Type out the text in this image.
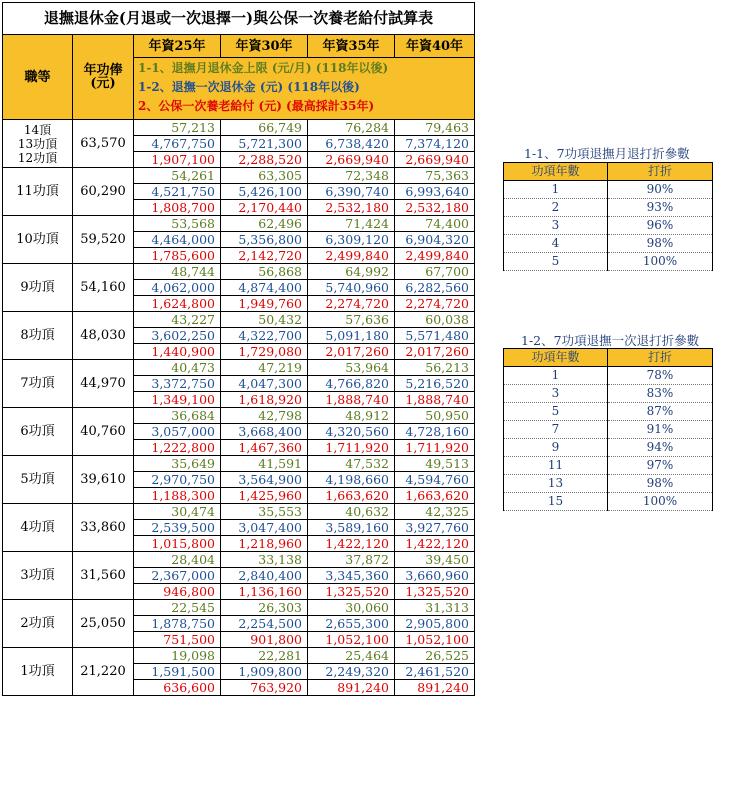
退撫退休金(月退或一次退擇一)與公保一次養老給付試算表					
職等	年功俸(元)	年資25年	年資30年	年資35年	年資40年

		1-1、退撫月退休金上限 (元/月) (118年以後)
1-2、退撫一次退休金 (元) (118年以後)
2、公保一次養老給付 (元) (最高採計35年)			

14頂
13功頂
12功頂	63,570	57,213	66,749	76,284	79,463
		4,767,750	5,721,300	6,738,420	7,374,120
		1,907,100	2,288,520	2,669,940	2,669,940
11功頂	60,290	54,261	63,305	72,348	75,363
		4,521,750	5,426,100	6,390,740	6,993,640
		1,808,700	2,170,440	2,532,180	2,532,180
10功頂	59,520	53,568	62,496	71,424	74,400
		4,464,000	5,356,800	6,309,120	6,904,320
		1,785,600	2,142,720	2,499,840	2,499,840
9功頂	54,160	48,744	56,868	64,992	67,700
		4,062,000	4,874,400	5,740,960	6,282,560
		1,624,800	1,949,760	2,274,720	2,274,720
8功頂	48,030	43,227	50,432	57,636	60,038
		3,602,250	4,322,700	5,091,180	5,571,480
		1,440,900	1,729,080	2,017,260	2,017,260
7功頂	44,970	40,473	47,219	53,964	56,213
		3,372,750	4,047,300	4,766,820	5,216,520
		1,349,100	1,618,920	1,888,740	1,888,740
6功頂	40,760	36,684	42,798	48,912	50,950
		3,057,000	3,668,400	4,320,560	4,728,160
		1,222,800	1,467,360	1,711,920	1,711,920
5功頂	39,610	35,649	41,591	47,532	49,513
		2,970,750	3,564,900	4,198,660	4,594,760
		1,188,300	1,425,960	1,663,620	1,663,620
4功頂	33,860	30,474	35,553	40,632	42,325
		2,539,500	3,047,400	3,589,160	3,927,760
		1,015,800	1,218,960	1,422,120	1,422,120
3功頂	31,560	28,404	33,138	37,872	39,450
		2,367,000	2,840,400	3,345,360	3,660,960
		946,800	1,136,160	1,325,520	1,325,520
2功頂	25,050	22,545	26,303	30,060	31,313
		1,878,750	2,254,500	2,655,300	2,905,800
		751,500	901,800	1,052,100	1,052,100
1功頂	21,220	19,098	22,281	25,464	26,525
		1,591,500	1,909,800	2,249,320	2,461,520
		636,600	763,920	891,240	891,240
1-1、7功項退撫月退打折參數
功項年數	打折
1	90%
2	93%
3	96%
4	98%
5	100%
1-2、7功項退撫一次退打折參數
功項年數	打折
1	78%
3	83%
5	87%
7	91%
9	94%
11	97%
13	98%
15	100%
